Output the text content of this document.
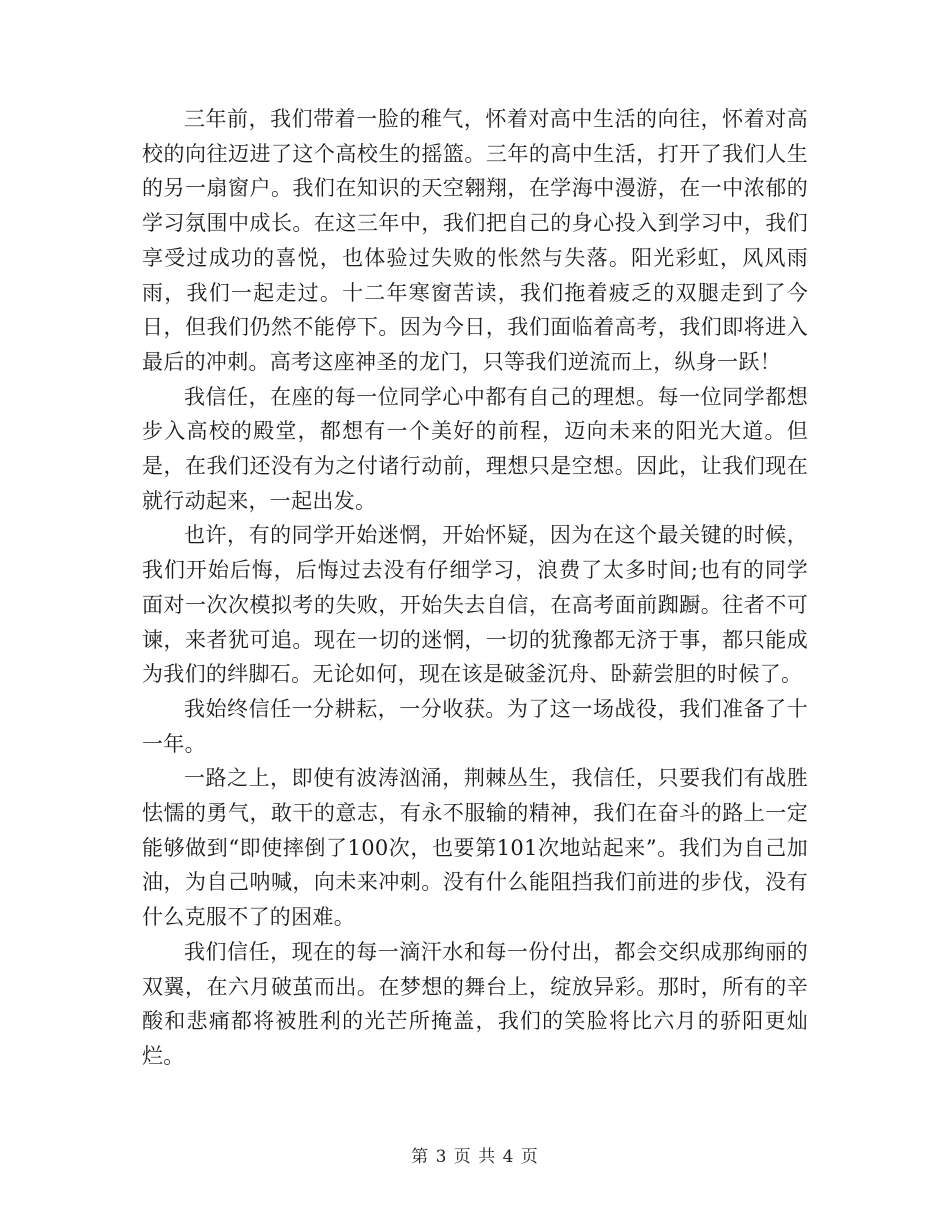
三年前，我们带着一脸的稚气，怀着对高中生活的向往，怀着对高校的向往迈进了这个高校生的摇篮。三年的高中生活，打开了我们人生的另一扇窗户。我们在知识的天空翱翔，在学海中漫游，在一中浓郁的学习氛围中成长。在这三年中，我们把自己的身心投入到学习中，我们享受过成功的喜悦，也体验过失败的怅然与失落。阳光彩虹，风风雨雨，我们一起走过。十二年寒窗苦读，我们拖着疲乏的双腿走到了今日，但我们仍然不能停下。因为今日，我们面临着高考，我们即将进入最后的冲刺。高考这座神圣的龙门，只等我们逆流而上，纵身一跃！

我信任，在座的每一位同学心中都有自己的理想。每一位同学都想步入高校的殿堂，都想有一个美好的前程，迈向未来的阳光大道。但是，在我们还没有为之付诸行动前，理想只是空想。因此，让我们现在就行动起来，一起出发。

也许，有的同学开始迷惘，开始怀疑，因为在这个最关键的时候，我们开始后悔，后悔过去没有仔细学习，浪费了太多时间;也有的同学面对一次次模拟考的失败，开始失去自信，在高考面前踟蹰。往者不可谏，来者犹可追。现在一切的迷惘，一切的犹豫都无济于事，都只能成为我们的绊脚石。无论如何，现在该是破釜沉舟、卧薪尝胆的时候了。

我始终信任一分耕耘，一分收获。为了这一场战役，我们准备了十一年。

一路之上，即使有波涛汹涌，荆棘丛生，我信任，只要我们有战胜怯懦的勇气，敢干的意志，有永不服输的精神，我们在奋斗的路上一定能够做到“即使摔倒了100次，也要第101次地站起来”。我们为自己加油，为自己呐喊，向未来冲刺。没有什么能阻挡我们前进的步伐，没有什么克服不了的困难。

我们信任，现在的每一滴汗水和每一份付出，都会交织成那绚丽的双翼，在六月破茧而出。在梦想的舞台上，绽放异彩。那时，所有的辛酸和悲痛都将被胜利的光芒所掩盖，我们的笑脸将比六月的骄阳更灿烂。

第 3 页 共 4 页
